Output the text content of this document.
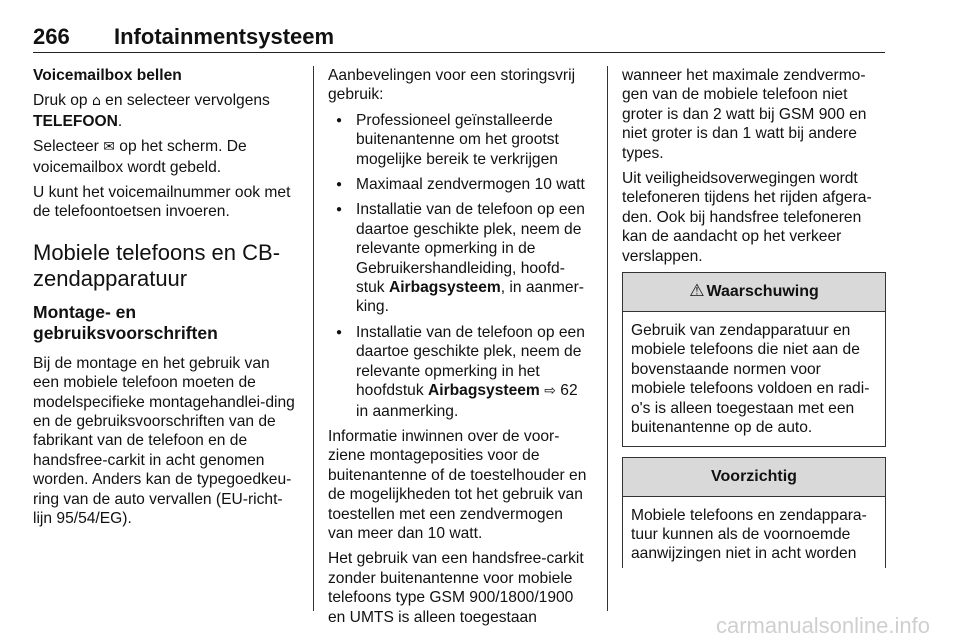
266 Infotainmentsysteem

Voicemailbox bellen

Druk op ⌂ en selecteer vervolgens TELEFOON.

Selecteer ✉ op het scherm. De voicemailbox wordt gebeld.

U kunt het voicemailnummer ook met de telefoontoetsen invoeren.

Mobiele telefoons en CB-zendapparatuur
Montage- en gebruiksvoorschriften

Bij de montage en het gebruik van een mobiele telefoon moeten de modelspecifieke montagehandlei-ding en de gebruiksvoorschriften van de fabrikant van de telefoon en de handsfree-carkit in acht genomen worden. Anders kan de typegoedkeu-ring van de auto vervallen (EU-richt-lijn 95/54/EG).

Aanbevelingen voor een storingsvrij gebruik:

● Professioneel geïnstalleerde buitenantenne om het grootst mogelijke bereik te verkrijgen
● Maximaal zendvermogen 10 watt
● Installatie van de telefoon op een daartoe geschikte plek, neem de relevante opmerking in de Gebruikershandleiding, hoofd-stuk Airbagsysteem, in aanmer-king.
● Installatie van de telefoon op een daartoe geschikte plek, neem de relevante opmerking in het hoofdstuk Airbagsysteem ⇨ 62 in aanmerking.

Informatie inwinnen over de voor-ziene montageposities voor de buitenantenne of de toestelhouder en de mogelijkheden tot het gebruik van toestellen met een zendvermogen van meer dan 10 watt.

Het gebruik van een handsfree-carkit zonder buitenantenne voor mobiele telefoons type GSM 900/1800/1900 en UMTS is alleen toegestaan

wanneer het maximale zendvermo-gen van de mobiele telefoon niet groter is dan 2 watt bij GSM 900 en niet groter is dan 1 watt bij andere types.

Uit veiligheidsoverwegingen wordt telefoneren tijdens het rijden afgera-den. Ook bij handsfree telefoneren kan de aandacht op het verkeer verslappen.

⚠ Waarschuwing
Gebruik van zendapparatuur en mobiele telefoons die niet aan de bovenstaande normen voor mobiele telefoons voldoen en radi-o's is alleen toegestaan met een buitenantenne op de auto.
Voorzichtig
Mobiele telefoons en zendappara-tuur kunnen als de voornoemde aanwijzingen niet in acht worden
carmanualsonline.info
